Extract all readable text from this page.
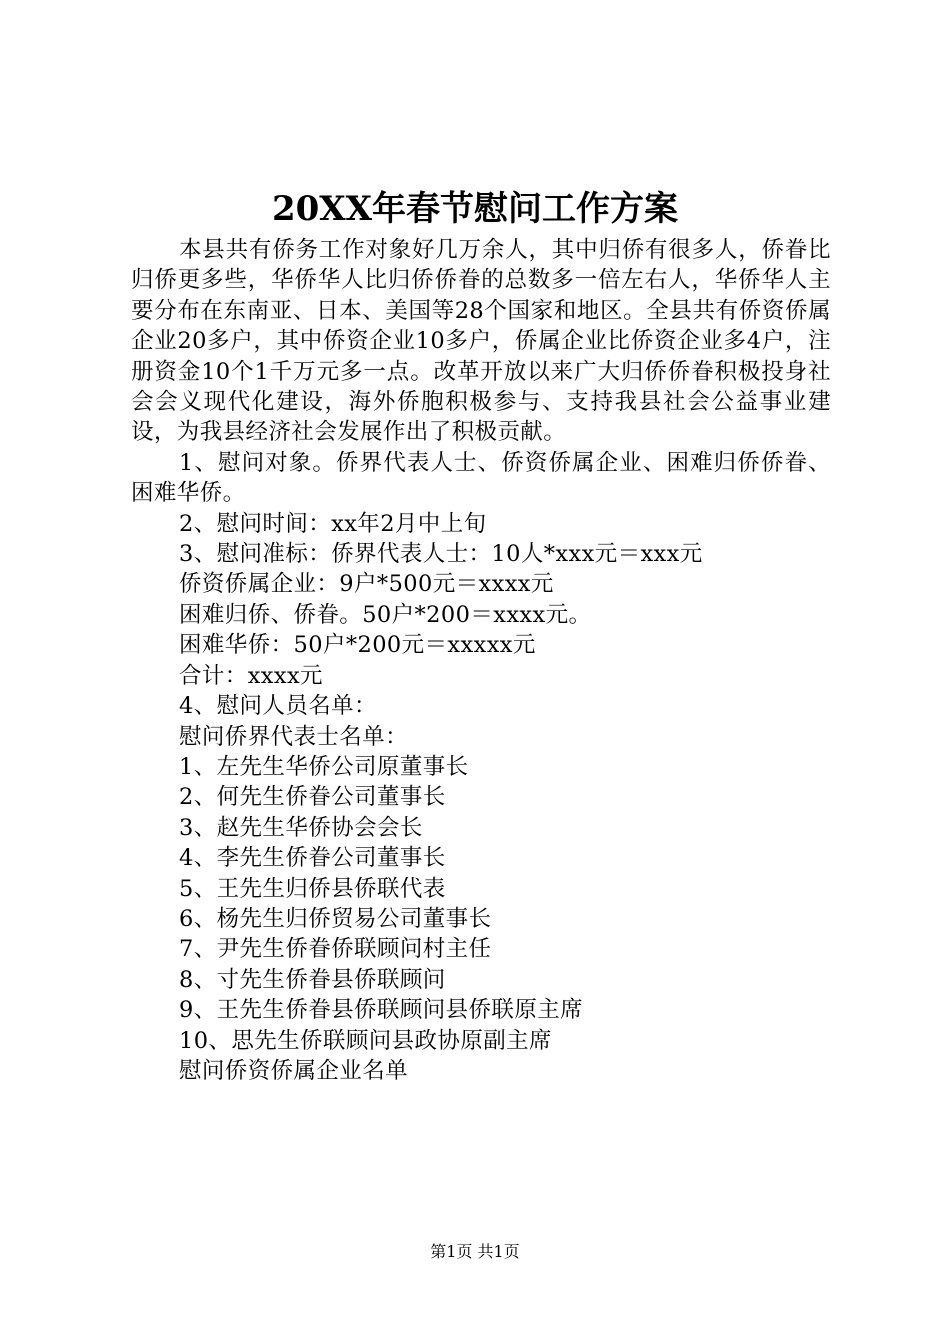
20XX年春节慰问工作方案

本县共有侨务工作对象好几万余人，其中归侨有很多人，侨眷比归侨更多些，华侨华人比归侨侨眷的总数多一倍左右人，华侨华人主要分布在东南亚、日本、美国等28个国家和地区。全县共有侨资侨属企业20多户，其中侨资企业10多户，侨属企业比侨资企业多4户，注册资金10个1千万元多一点。改革开放以来广大归侨侨眷积极投身社会会义现代化建设，海外侨胞积极参与、支持我县社会公益事业建设，为我县经济社会发展作出了积极贡献。

1、慰问对象。侨界代表人士、侨资侨属企业、困难归侨侨眷、困难华侨。

2、慰问时间：xx年2月中上旬

3、慰问准标：侨界代表人士：10人*xxx元＝xxx元

侨资侨属企业：9户*500元＝xxxx元

困难归侨、侨眷。50户*200＝xxxx元。

困难华侨：50户*200元＝xxxxx元

合计：xxxx元

4、慰问人员名单：

慰问侨界代表士名单：

1、左先生华侨公司原董事长

2、何先生侨眷公司董事长

3、赵先生华侨协会会长

4、李先生侨眷公司董事长

5、王先生归侨县侨联代表

6、杨先生归侨贸易公司董事长

7、尹先生侨眷侨联顾问村主任

8、寸先生侨眷县侨联顾问

9、王先生侨眷县侨联顾问县侨联原主席

10、思先生侨联顾问县政协原副主席

慰问侨资侨属企业名单

第1页 共1页
